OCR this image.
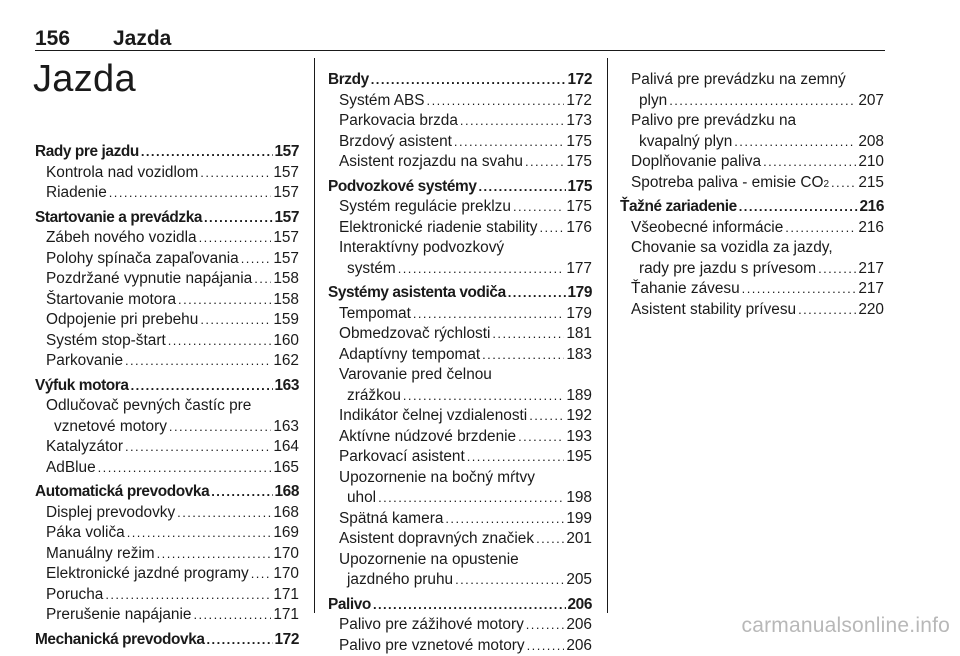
156 Jazda
Jazda
Rady pre jazdu . . .	157
Kontrola nad vozidlom . . .	157
Riadenie . . .	157
Startovanie a prevádzka . . .	157
Zábeh nového vozidla . . .	157
Polohy spínača zapaľovania . . . 157
Pozdržané vypnutie napájania . . . 158
Štartovanie motora . . .	158
Odpojenie pri prebehu . . .	159
Systém stop-štart . . .	160
Parkovanie . . .	162
Výfuk motora . . .	163
Odlučovač pevných častíc pre
vznetové motory . . .	163
Katalyzátor . . .	164
AdBlue . . .	165
Automatická prevodovka . . .	168
Displej prevodovky . . .	168
Páka voliča . . .	169
Manuálny režim . . .	170
Elektronické jazdné programy . . . 170
Porucha . . .	171
Prerušenie napájanie . . .	171
Mechanická prevodovka . . .	172
Brzdy . . .	172
Systém ABS . . .	172
Parkovacia brzda . . .	173
Brzdový asistent . . .	175
Asistent rozjazdu na svahu . . .	175
Podvozkové systémy . . .	175
Systém regulácie preklzu . . .	175
Elektronické riadenie stability . . . 176
Interaktívny podvozkový
systém . . .	177
Systémy asistenta vodiča . . .	179
Tempomat . . .	179
Obmedzovač rýchlosti . . .	181
Adaptívny tempomat . . .	183
Varovanie pred čelnou
zrážkou . . .	189
Indikátor čelnej vzdialenosti . . .	192
Aktívne núdzové brzdenie . . .	193
Parkovací asistent . . .	195
Upozornenie na bočný mŕtvy
uhol . . .	198
Spätná kamera . . .	199
Asistent dopravných značiek . . . 201
Upozornenie na opustenie
jazdného pruhu . . .	205
Palivo . . .	206
Palivo pre zážihové motory . . .	206
Palivo pre vznetové motory . . .	206
Palivá pre prevádzku na zemný
plyn . . .	207
Palivo pre prevádzku na
kvapalný plyn . . .	208
Doplňovanie paliva . . .	210
Spotreba paliva - emisie CO 2 . . . 215
Ťažné zariadenie . . .	216
Všeobecné informácie . . .	216
Chovanie sa vozidla za jazdy,
rady pre jazdu s prívesom . . .	217
Ťahanie závesu . . .	217
Asistent stability prívesu . . .	220
carmanualsonline.info
